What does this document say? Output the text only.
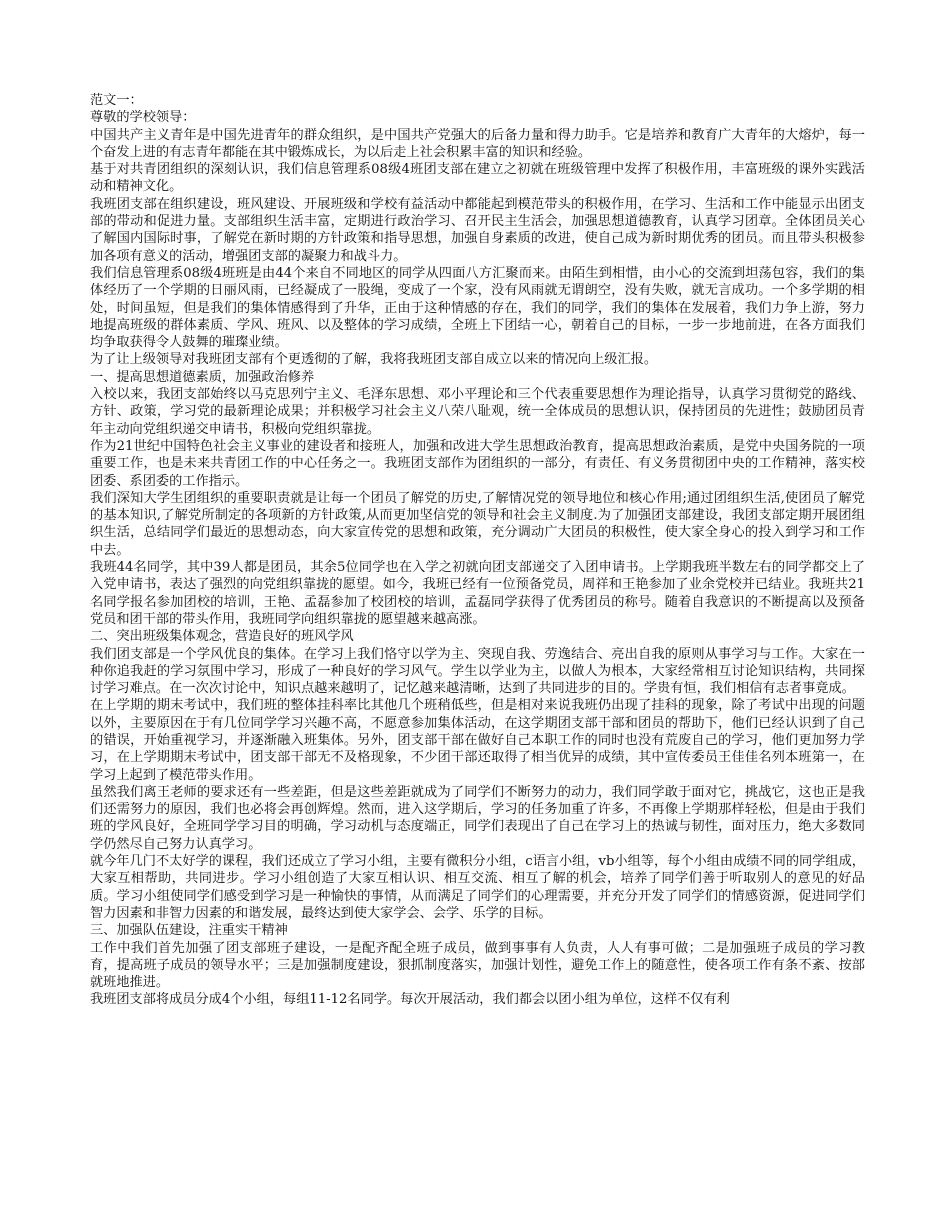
范文一：

尊敬的学校领导：

中国共产主义青年是中国先进青年的群众组织，是中国共产党强大的后备力量和得力助手。它是培养和教育广大青年的大熔炉，每一个奋发上进的有志青年都能在其中锻炼成长，为以后走上社会积累丰富的知识和经验。

基于对共青团组织的深刻认识，我们信息管理系08级4班团支部在建立之初就在班级管理中发挥了积极作用，丰富班级的课外实践活动和精神文化。

我班团支部在组织建设，班风建设、开展班级和学校有益活动中都能起到模范带头的积极作用，在学习、生活和工作中能显示出团支部的带动和促进力量。支部组织生活丰富，定期进行政治学习、召开民主生活会，加强思想道德教育，认真学习团章。全体团员关心了解国内国际时事，了解党在新时期的方针政策和指导思想，加强自身素质的改进，使自己成为新时期优秀的团员。而且带头积极参加各项有意义的活动，增强团支部的凝聚力和战斗力。

我们信息管理系08级4班班是由44个来自不同地区的同学从四面八方汇聚而来。由陌生到相惜，由小心的交流到坦荡包容，我们的集体经历了一个学期的日丽风雨，已经凝成了一股绳，变成了一个家，没有风雨就无谓朗空，没有失败，就无言成功。一个多学期的相处，时间虽短，但是我们的集体情感得到了升华，正由于这种情感的存在，我们的同学，我们的集体在发展着，我们力争上游，努力地提高班级的群体素质、学风、班风、以及整体的学习成绩，全班上下团结一心，朝着自己的目标，一步一步地前进，在各方面我们均争取获得令人鼓舞的璀璨业绩。

为了让上级领导对我班团支部有个更透彻的了解，我将我班团支部自成立以来的情况向上级汇报。

一、提高思想道德素质，加强政治修养

入校以来，我团支部始终以马克思列宁主义、毛泽东思想、邓小平理论和三个代表重要思想作为理论指导，认真学习贯彻党的路线、方针、政策，学习党的最新理论成果；并积极学习社会主义八荣八耻观，统一全体成员的思想认识，保持团员的先进性；鼓励团员青年主动向党组织递交申请书，积极向党组织靠拢。

作为21世纪中国特色社会主义事业的建设者和接班人，加强和改进大学生思想政治教育，提高思想政治素质，是党中央国务院的一项重要工作，也是未来共青团工作的中心任务之一。我班团支部作为团组织的一部分，有责任、有义务贯彻团中央的工作精神，落实校团委、系团委的工作指示。

我们深知大学生团组织的重要职责就是让每一个团员了解党的历史,了解情况党的领导地位和核心作用;通过团组织生活,使团员了解党的基本知识,了解党所制定的各项新的方针政策,从而更加坚信党的领导和社会主义制度.为了加强团支部建设，我团支部定期开展团组织生活，总结同学们最近的思想动态，向大家宣传党的思想和政策，充分调动广大团员的积极性，使大家全身心的投入到学习和工作中去。

我班44名同学，其中39人都是团员，其余5位同学也在入学之初就向团支部递交了入团申请书。上学期我班半数左右的同学都交上了入党申请书，表达了强烈的向党组织靠拢的愿望。如今，我班已经有一位预备党员，周祥和王艳参加了业余党校并已结业。我班共21名同学报名参加团校的培训，王艳、孟磊参加了校团校的培训，孟磊同学获得了优秀团员的称号。随着自我意识的不断提高以及预备党员和团干部的带头作用，我班同学向组织靠拢的愿望越来越高涨。

二、突出班级集体观念，营造良好的班风学风

我们团支部是一个学风优良的集体。在学习上我们恪守以学为主、突现自我、劳逸结合、亮出自我的原则从事学习与工作。大家在一种你追我赶的学习氛围中学习，形成了一种良好的学习风气。学生以学业为主，以做人为根本，大家经常相互讨论知识结构，共同探讨学习难点。在一次次讨论中，知识点越来越明了，记忆越来越清晰，达到了共同进步的目的。学贵有恒，我们相信有志者事竟成。

在上学期的期末考试中，我们班的整体挂科率比其他几个班稍低些，但是相对来说我班仍出现了挂科的现象，除了考试中出现的问题以外，主要原因在于有几位同学学习兴趣不高，不愿意参加集体活动，在这学期团支部干部和团员的帮助下，他们已经认识到了自己的错误，开始重视学习，并逐渐融入班集体。另外，团支部干部在做好自己本职工作的同时也没有荒废自己的学习，他们更加努力学习，在上学期期末考试中，团支部干部无不及格现象，不少团干部还取得了相当优异的成绩，其中宣传委员王佳佳名列本班第一，在学习上起到了模范带头作用。

虽然我们离王老师的要求还有一些差距，但是这些差距就成为了同学们不断努力的动力，我们同学敢于面对它，挑战它，这也正是我们还需努力的原因，我们也必将会再创辉煌。然而，进入这学期后，学习的任务加重了许多，不再像上学期那样轻松，但是由于我们班的学风良好，全班同学学习目的明确，学习动机与态度端正，同学们表现出了自己在学习上的热诚与韧性，面对压力，绝大多数同学仍然尽自己努力认真学习。

就今年几门不太好学的课程，我们还成立了学习小组，主要有微积分小组，c语言小组，vb小组等，每个小组由成绩不同的同学组成，大家互相帮助，共同进步。学习小组创造了大家互相认识、相互交流、相互了解的机会，培养了同学们善于听取别人的意见的好品质。学习小组使同学们感受到学习是一种愉快的事情，从而满足了同学们的心理需要，并充分开发了同学们的情感资源，促进同学们智力因素和非智力因素的和谐发展，最终达到使大家学会、会学、乐学的目标。

三、加强队伍建设，注重实干精神

工作中我们首先加强了团支部班子建设，一是配齐配全班子成员，做到事事有人负责，人人有事可做；二是加强班子成员的学习教育，提高班子成员的领导水平；三是加强制度建设，狠抓制度落实，加强计划性，避免工作上的随意性，使各项工作有条不紊、按部就班地推进。

我班团支部将成员分成4个小组，每组11-12名同学。每次开展活动，我们都会以团小组为单位，这样不仅有利
